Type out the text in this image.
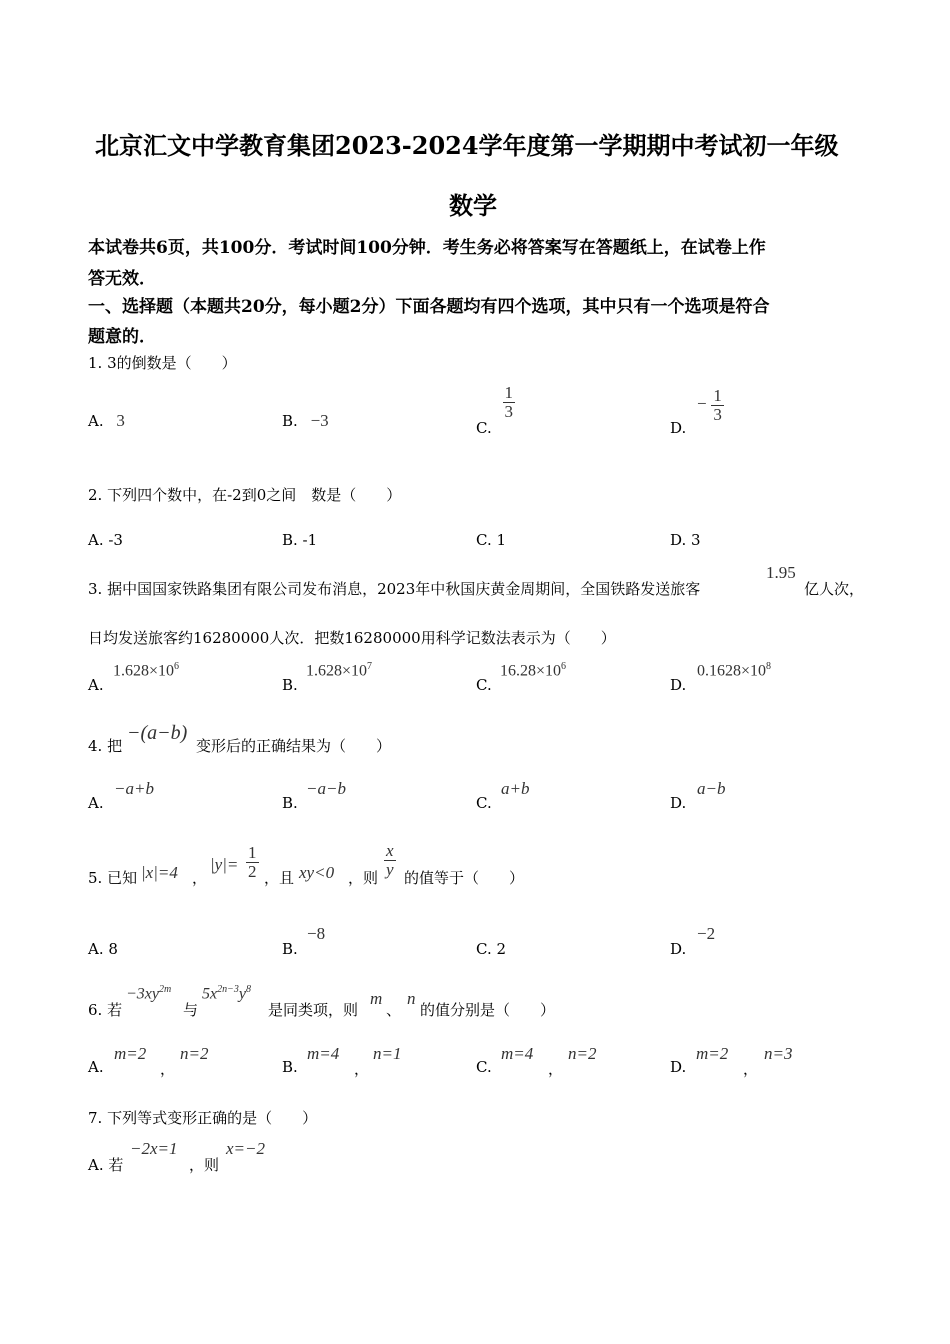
北京汇文中学教育集团2023-2024学年度第一学期期中考试初一年级
数学
本试卷共6页，共100分．考试时间100分钟．考生务必将答案写在答题纸上，在试卷上作
答无效．
一、选择题（本题共20分，每小题2分）下面各题均有四个选项，其中只有一个选项是符合
题意的．
1. 3的倒数是（　　）
A. 3	B. −3	C.
$\frac{1}{3}$
D. − $\frac{1}{3}$
2. 下列四个数中，在-2到0之间　数是（　　）
A. -3	B. -1	C. 1	D. 3
3. 据中国国家铁路集团有限公司发布消息，2023年中秋国庆黄金周期间，全国铁路发送旅客
1.95
亿人次，
日均发送旅客约16280000人次．把数16280000用科学记数法表示为（　　）
A.
$1.628\times 10^6$
B.
$1.628\times 10^7$
C.
$16.28\times 10^6$
D.
$0.1628\times 10^8$
4. 把
−(a−b)
变形后的正确结果为（　　）
A.
−a+b
B.
−a−b
C.
a+b
D.
a−b
5. 已知 |x|=4 ，
$|y|= \frac{1}{2}$ ，且 xy<0 ，则 $\frac{x}{y}$ 的值等于（　　）
A. 8	B.
−8
C. 2	D.
−2
6. 若
$-3xy^{2m}$
与
$5x^{2n-3}y^8$
是同类项，则
m
、
n
的值分别是（　　）
A.
m=2
，
n=2
B.
m=4
，
n=1
C.
m=4
，
n=2
D.
m=2
，
n=3
7. 下列等式变形正确的是（　　）
A. 若
−2x=1
，则
x=−2
